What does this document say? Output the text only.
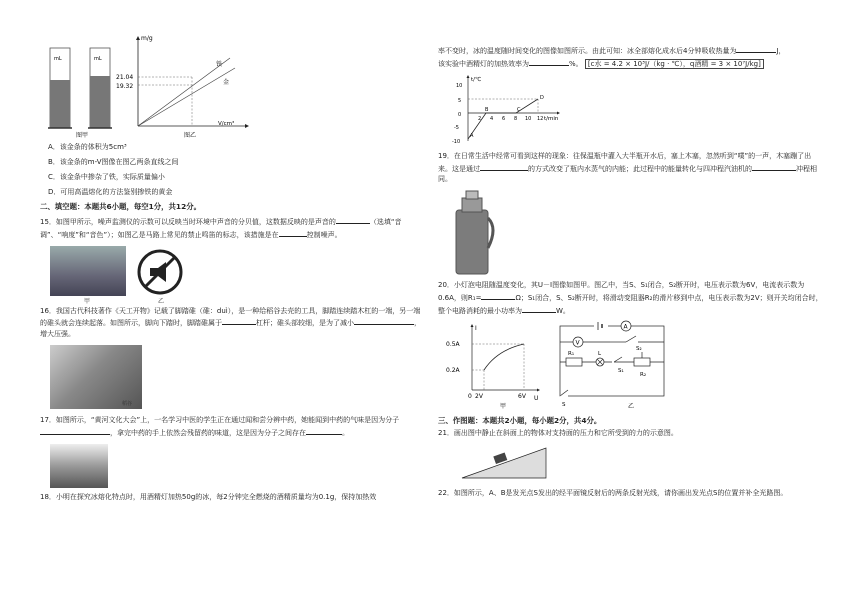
mL	mL
图甲
m/g
V/cm³
21.04
19.32
铁
金
图乙
A．该金条的体积为5cm³
B．该金条的m-V图像在图乙两条直线之间
C．该金条中掺杂了铁，实际质量偏小
D．可用高温熔化的方法鉴别掺铁的黄金
二、填空题：本题共6小题，每空1分，共12分。
15．如图甲所示，噪声监测仪的示数可以反映当时环境中声音的分贝值，这数据反映的是声音的	（选填“音调”、“响度”和“音色”）；如图乙是马路上常见的禁止鸣笛的标志，该措施是在	控制噪声。
甲	乙
16．我国古代科技著作《天工开物》记载了脚踏碓（碓：duì），是一种给稻谷去壳的工具，脚踏连续踏木杠的一端，另一端的碓头就会连续起落。如图所示，脚向下踏时，脚踏碓属于	杠杆；碓头部较细，是为了减小	，增大压强。
稻谷
17．如图所示，“黄河文化大会”上，一名学习中医的学生正在通过闻和尝分辨中药，她能闻到中药的气味是因为分子，拿完中药的手上依然会残留药的味道，这是因为分子之间存在	。
18．小明在探究冰熔化特点时，用酒精灯加热50g的冰，每2分钟完全燃烧的酒精质量均为0.1g，保持加热效
率不变时，冰的温度随时间变化的图像如图所示。由此可知：冰全部熔化成水后4分钟吸收热量为	J，
该实验中酒精灯的加热效率为	%。 [c水 = 4.2 × 10³J/（kg · ℃），q酒精 = 3 × 10⁷J/kg]
t/℃
t/min
10
5
0
-5
-10
2 4 6 8 10 12
A
B	C
D
19．在日常生活中经常可看到这样的现象：往保温瓶中灌入大半瓶开水后，塞上木塞，忽然听到“噗”的一声，木塞蹦了出来。这是通过	的方式改变了瓶内水蒸气的内能；此过程中的能量转化与四冲程汽油机的	冲程相同。
20．小灯泡电阻随温度变化，其U－I图像如图甲。图乙中，当S、S₁闭合，S₂断开时，电压表示数为6V，电流表示数为0.6A，则R₁=	Ω；S₁闭合，S、S₂断开时，将滑动变阻器R₂的滑片移到中点，电压表示数为2V；则开关均闭合时，整个电路消耗的最小功率为	W。
I
U
0.5A
0.2A
0 2V	6V
甲
A
V
S₂
R₁	L
S₁
R₂
S	乙
三、作图题：本题共2小题，每小题2分，共4分。
21．画出图中静止在斜面上的物体对支持面的压力和它所受到的力的示意图。
22．如图所示，A、B是发光点S发出的经平面镜反射后的两条反射光线，请你画出发光点S的位置并补全光路图。
